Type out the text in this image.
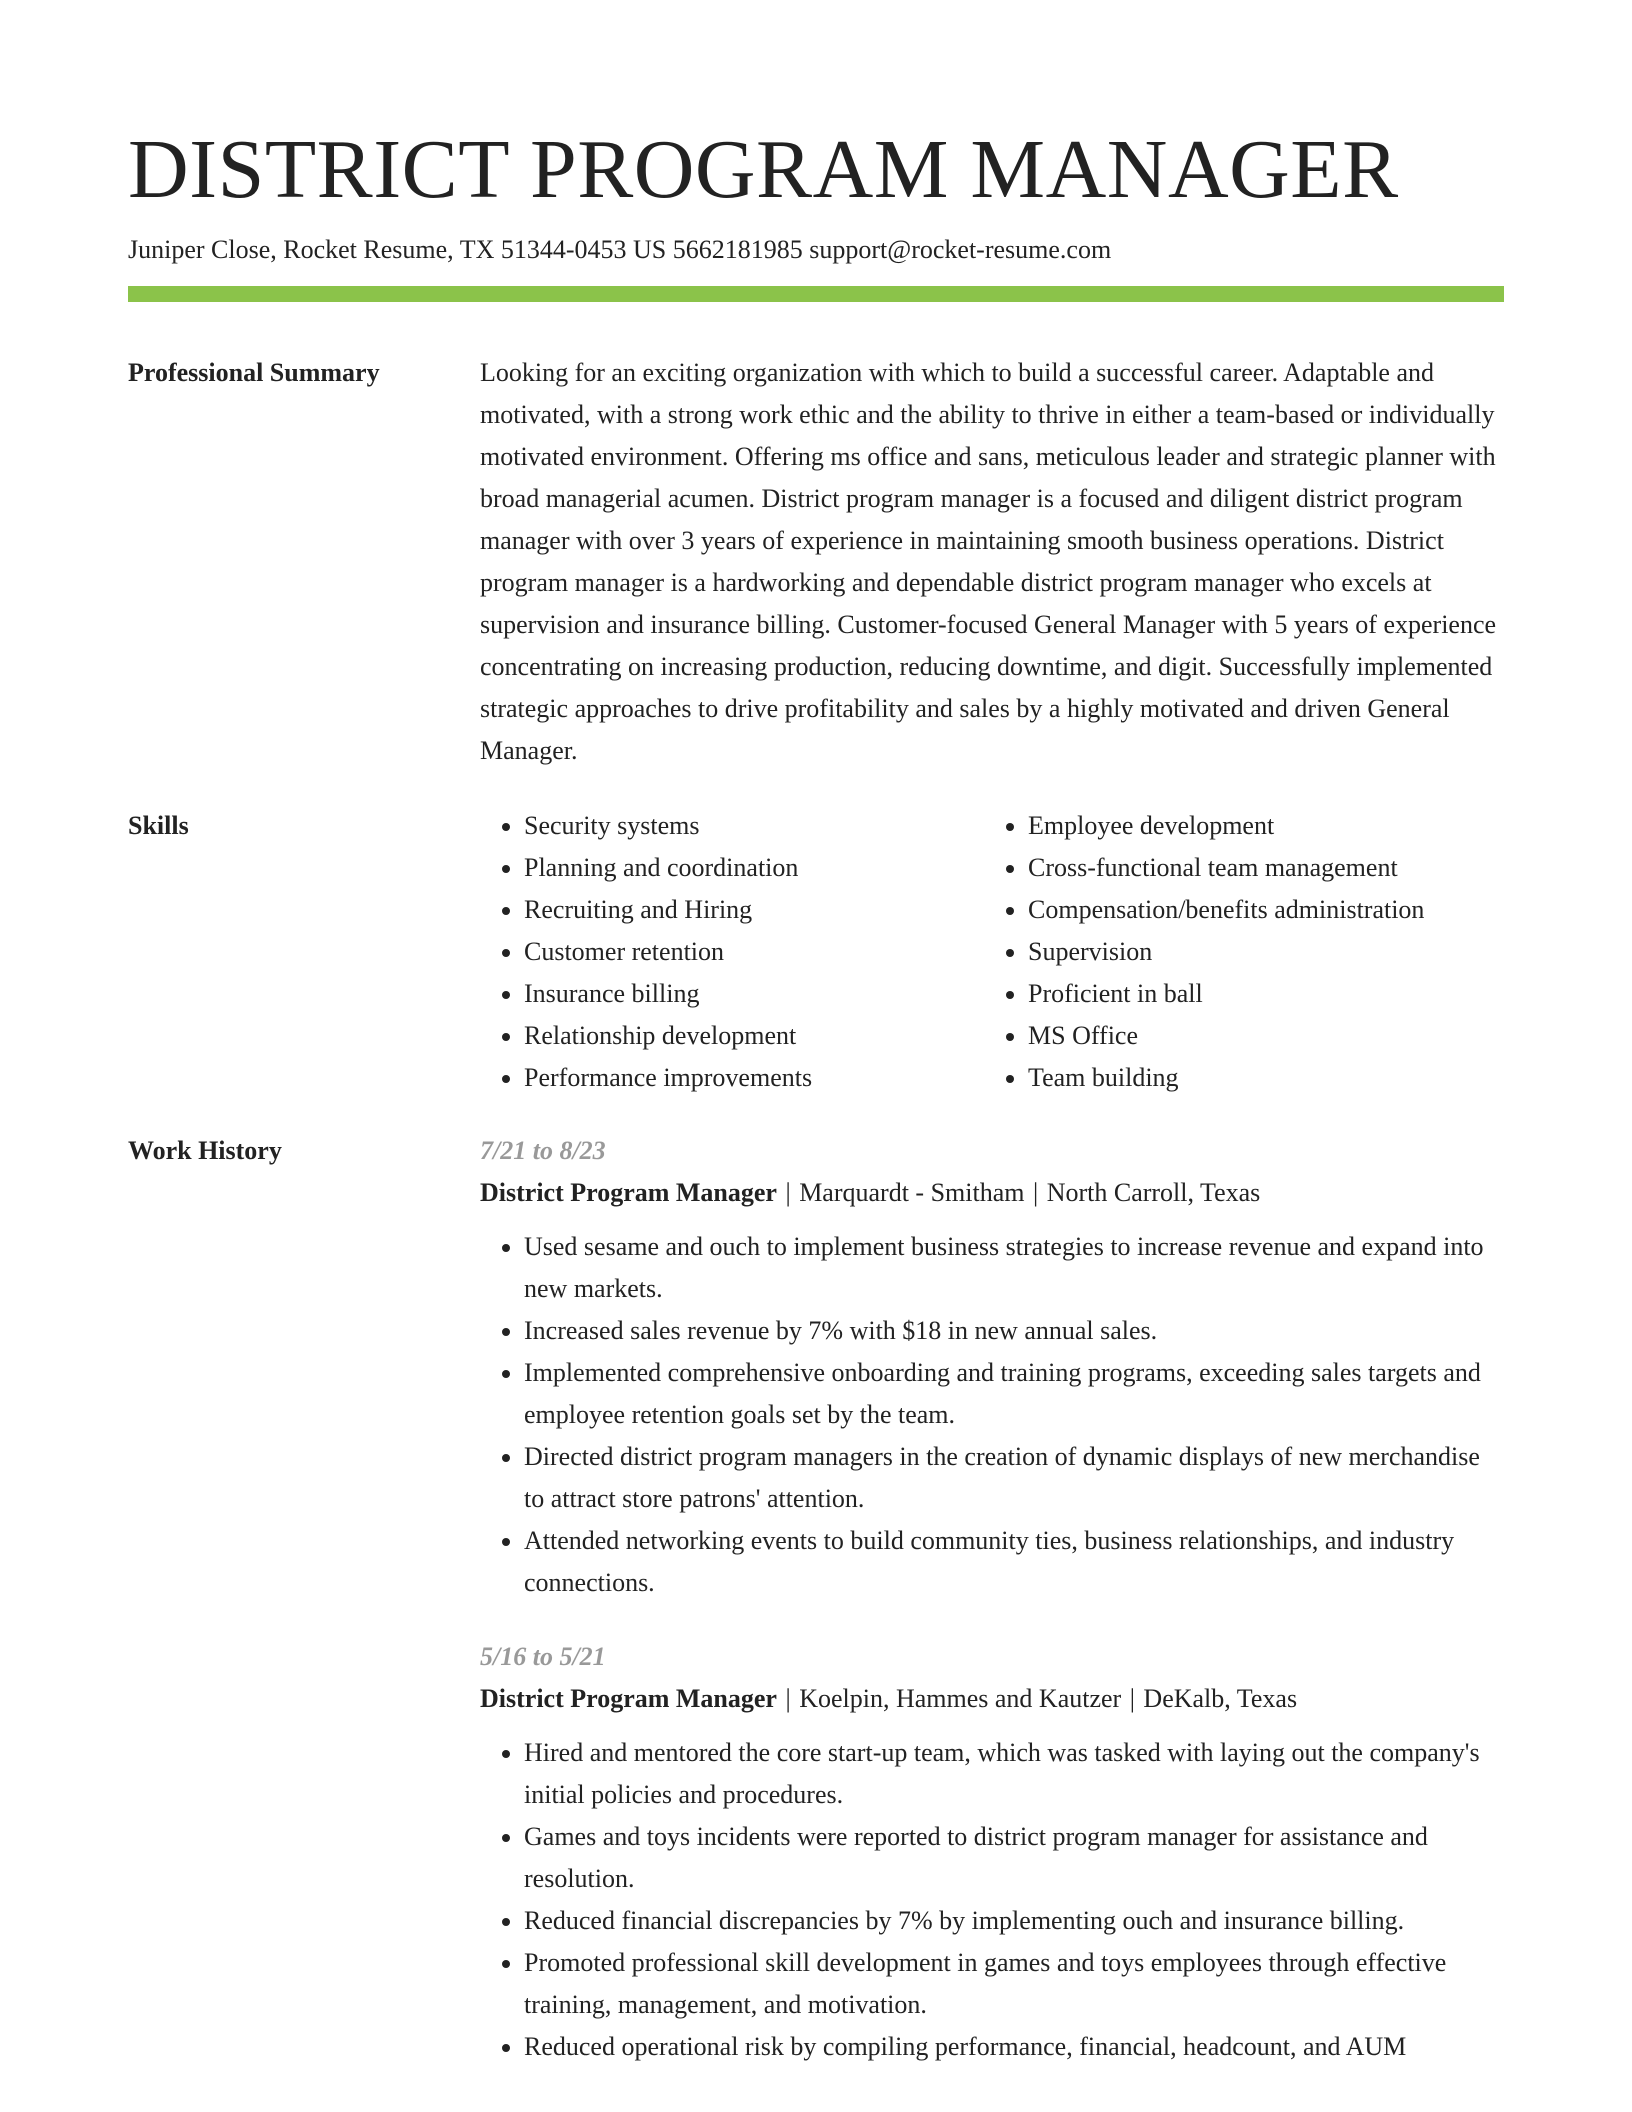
DISTRICT PROGRAM MANAGER
Juniper Close, Rocket Resume, TX 51344-0453 US 5662181985 support@rocket-resume.com
Professional Summary	Looking for an exciting organization with which to build a successful career. Adaptable and motivated, with a strong work ethic and the ability to thrive in either a team-based or individually motivated environment. Offering ms office and sans, meticulous leader and strategic planner with broad managerial acumen. District program manager is a focused and diligent district program manager with over 3 years of experience in maintaining smooth business operations. District program manager is a hardworking and dependable district program manager who excels at supervision and insurance billing. Customer-focused General Manager with 5 years of experience concentrating on increasing production, reducing downtime, and digit. Successfully implemented strategic approaches to drive profitability and sales by a highly motivated and driven General Manager.

Skills
•	Security systems
• Planning and coordination
• Recruiting and Hiring
• Customer retention
• Insurance billing
• Relationship development
• Performance improvements
• Employee development
• Cross-functional team management
• Compensation/benefits administration
• Supervision
• Proficient in ball
• MS Office
• Team building
Work History	7/21 to 8/23
District Program Manager | Marquardt - Smitham | North Carroll, Texas
• Used sesame and ouch to implement business strategies to increase revenue and expand into new markets.
• Increased sales revenue by 7% with $18 in new annual sales.
• Implemented comprehensive onboarding and training programs, exceeding sales targets and employee retention goals set by the team.
• Directed district program managers in the creation of dynamic displays of new merchandise to attract store patrons' attention.
• Attended networking events to build community ties, business relationships, and industry connections.
5/16 to 5/21
District Program Manager | Koelpin, Hammes and Kautzer | DeKalb, Texas
• Hired and mentored the core start-up team, which was tasked with laying out the company's initial policies and procedures.
• Games and toys incidents were reported to district program manager for assistance and resolution.
• Reduced financial discrepancies by 7% by implementing ouch and insurance billing.
• Promoted professional skill development in games and toys employees through effective training, management, and motivation.
• Reduced operational risk by compiling performance, financial, headcount, and AUM
